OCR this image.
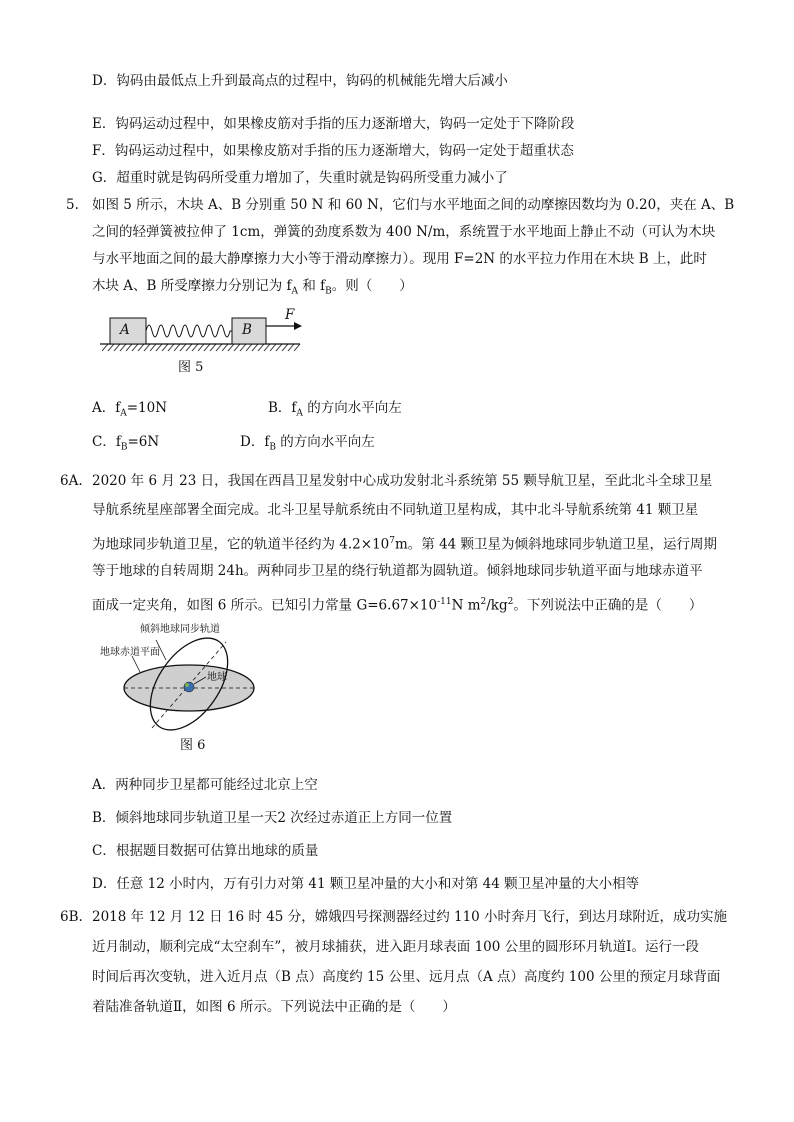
D．钩码由最低点上升到最高点的过程中，钩码的机械能先增大后减小
E．钩码运动过程中，如果橡皮筋对手指的压力逐渐增大，钩码一定处于下降阶段
F．钩码运动过程中，如果橡皮筋对手指的压力逐渐增大，钩码一定处于超重状态
G．超重时就是钩码所受重力增加了，失重时就是钩码所受重力减小了
5. 如图 5 所示，木块 A、B 分别重 50 N 和 60 N，它们与水平地面之间的动摩擦因数均为 0.20，夹在 A、B
之间的轻弹簧被拉伸了 1cm，弹簧的劲度系数为 400 N/m，系统置于水平地面上静止不动（可认为木块
与水平地面之间的最大静摩擦力大小等于滑动摩擦力）。现用 F=2N 的水平拉力作用在木块 B 上，此时
木块 A、B 所受摩擦力分别记为 $f_A$ 和 $f_B$。则（　　）
A	B
F
图 5
A．$f_A=10N$	B．$f_A$ 的方向水平向左
C．$f_B=6N$	D．$f_B$ 的方向水平向左
6A. 2020 年 6 月 23 日，我国在西昌卫星发射中心成功发射北斗系统第 55 颗导航卫星，至此北斗全球卫星
导航系统星座部署全面完成。北斗卫星导航系统由不同轨道卫星构成，其中北斗导航系统第 41 颗卫星
为地球同步轨道卫星，它的轨道半径约为 $4.2\times 10^7m$。第 44 颗卫星为倾斜地球同步轨道卫星，运行周期
等于地球的自转周期 24h。两种同步卫星的绕行轨道都为圆轨道。倾斜地球同步轨道平面与地球赤道平
面成一定夹角，如图 6 所示。已知引力常量 $G=6.67\times 10^{-11}N$ $m^2/kg^2$。下列说法中正确的是（　　）
倾斜地球同步轨道
地球赤道平面
地球
图 6
A．两种同步卫星都可能经过北京上空
B．倾斜地球同步轨道卫星一天2 次经过赤道正上方同一位置
C．根据题目数据可估算出地球的质量
D．任意 12 小时内，万有引力对第 41 颗卫星冲量的大小和对第 44 颗卫星冲量的大小相等
6B. 2018 年 12 月 12 日 16 时 45 分，嫦娥四号探测器经过约 110 小时奔月飞行，到达月球附近，成功实施
近月制动，顺利完成“太空刹车”，被月球捕获，进入距月球表面 100 公里的圆形环月轨道Ⅰ。运行一段
时间后再次变轨，进入近月点（B 点）高度约 15 公里、远月点（A 点）高度约 100 公里的预定月球背面
着陆准备轨道Ⅱ，如图 6 所示。下列说法中正确的是（　　）
